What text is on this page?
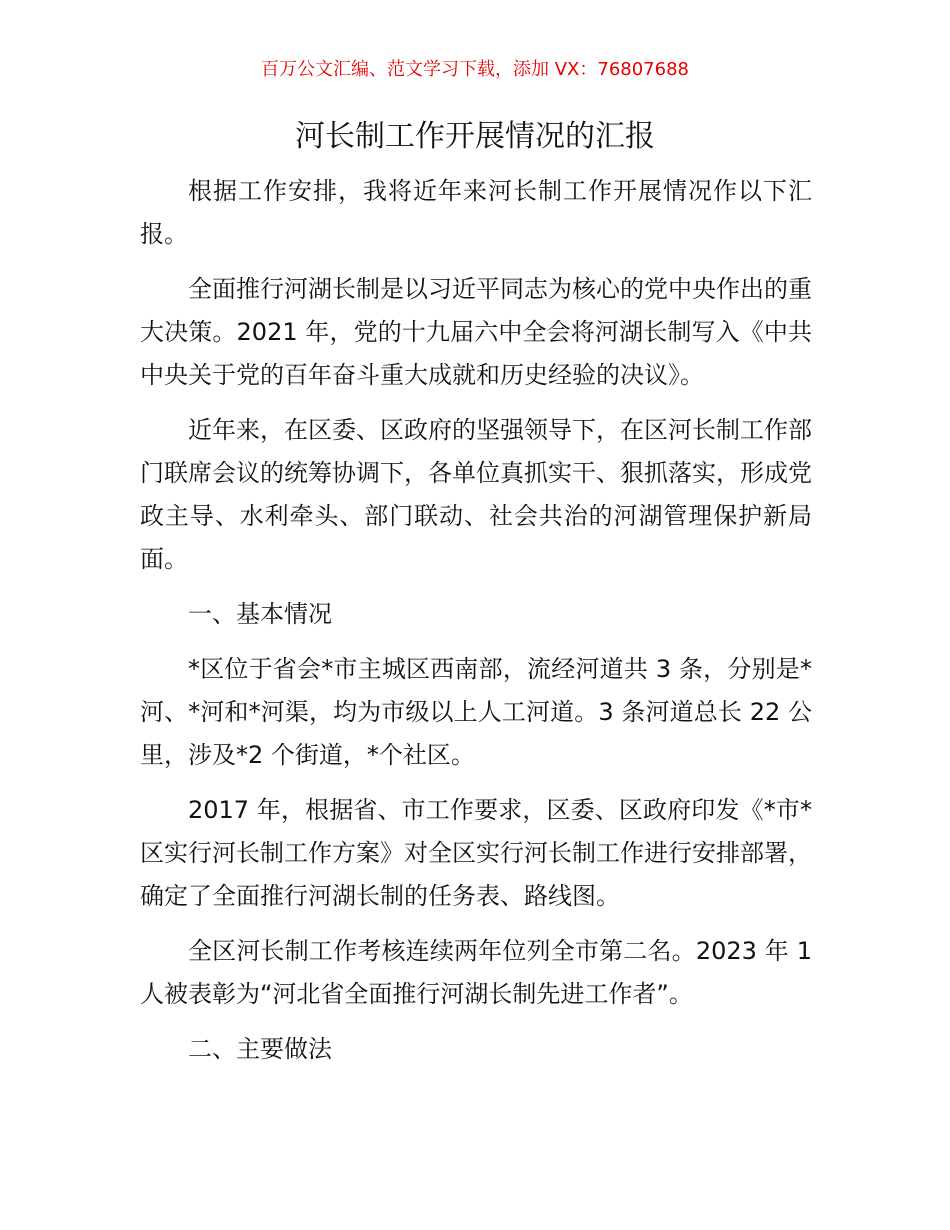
百万公文汇编、范文学习下载，添加 VX：76807688
河长制工作开展情况的汇报

根据工作安排，我将近年来河长制工作开展情况作以下汇报。

全面推行河湖长制是以习近平同志为核心的党中央作出的重大决策。2021 年，党的十九届六中全会将河湖长制写入《中共中央关于党的百年奋斗重大成就和历史经验的决议》。

近年来，在区委、区政府的坚强领导下，在区河长制工作部门联席会议的统筹协调下，各单位真抓实干、狠抓落实，形成党政主导、水利牵头、部门联动、社会共治的河湖管理保护新局面。

一、基本情况

*区位于省会*市主城区西南部，流经河道共 3 条，分别是*河、*河和*河渠，均为市级以上人工河道。3 条河道总长 22 公里，涉及*2 个街道，*个社区。

2017 年，根据省、市工作要求，区委、区政府印发《*市*区实行河长制工作方案》对全区实行河长制工作进行安排部署，确定了全面推行河湖长制的任务表、路线图。

全区河长制工作考核连续两年位列全市第二名。2023 年 1 人被表彰为“河北省全面推行河湖长制先进工作者”。

二、主要做法
